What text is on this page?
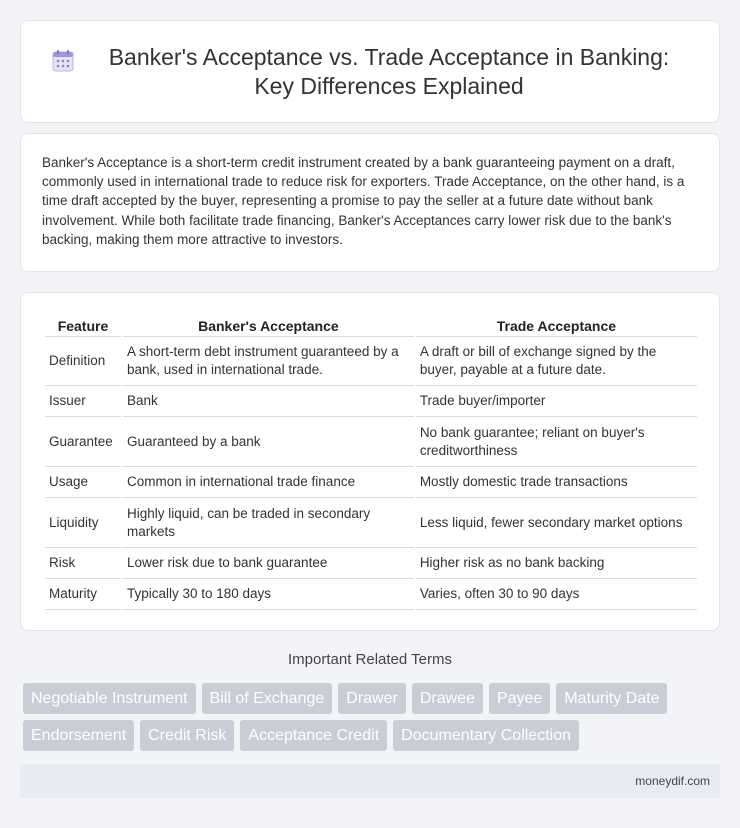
Banker's Acceptance vs. Trade Acceptance in Banking: Key Differences Explained

Banker's Acceptance is a short-term credit instrument created by a bank guaranteeing payment on a draft, commonly used in international trade to reduce risk for exporters. Trade Acceptance, on the other hand, is a time draft accepted by the buyer, representing a promise to pay the seller at a future date without bank involvement. While both facilitate trade financing, Banker's Acceptances carry lower risk due to the bank's backing, making them more attractive to investors.

Feature	Banker's Acceptance	Trade Acceptance
Definition	A short-term debt instrument guaranteed by a bank, used in international trade.	A draft or bill of exchange signed by the buyer, payable at a future date.
Issuer	Bank	Trade buyer/importer
Guarantee	Guaranteed by a bank	No bank guarantee; reliant on buyer's creditworthiness
Usage	Common in international trade finance	Mostly domestic trade transactions
Liquidity	Highly liquid, can be traded in secondary markets	Less liquid, fewer secondary market options
Risk	Lower risk due to bank guarantee	Higher risk as no bank backing
Maturity	Typically 30 to 180 days	Varies, often 30 to 90 days
Important Related Terms
Negotiable Instrument	Bill of Exchange	Drawer	Drawee	Payee	Maturity Date
Endorsement	Credit Risk	Acceptance Credit	Documentary Collection
moneydif.com
